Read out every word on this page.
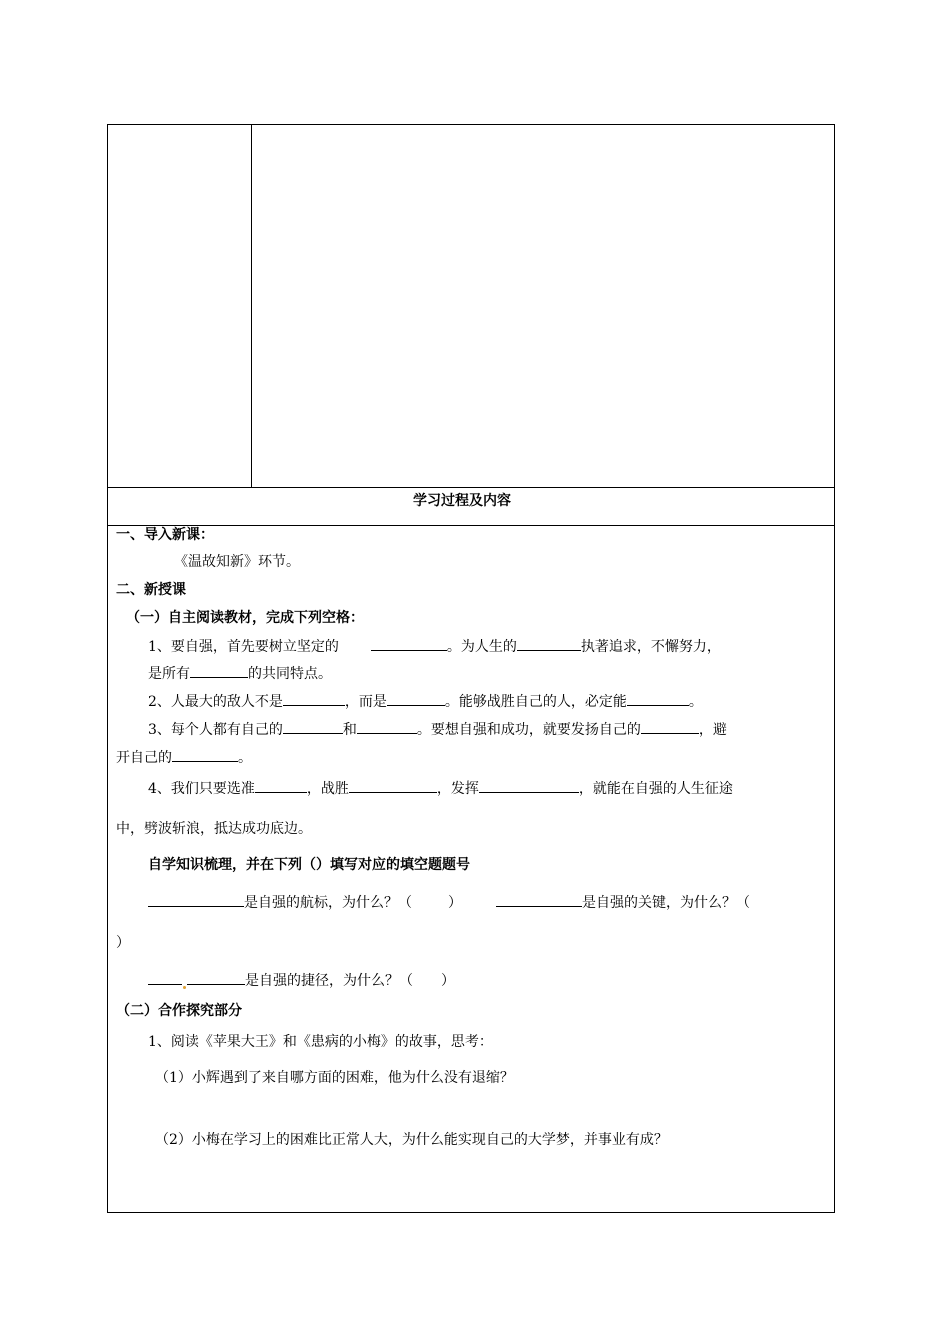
学习过程及内容
一、导入新课：
《温故知新》环节。
二、新授课
（一）自主阅读教材，完成下列空格：
1、要自强，首先要树立坚定的	。为人生的	执著追求，不懈努力，
是所有	的共同特点。
2、人最大的敌人不是	，而是	。能够战胜自己的人，必定能	。
3、每个人都有自己的	和	。要想自强和成功，就要发扬自己的	，避
开自己的	。
4、我们只要选准	，战胜	，发挥	，就能在自强的人生征途
中，劈波斩浪，抵达成功底边。
自学知识梳理，并在下列（）填写对应的填空题题号
是自强的航标，为什么？（	）	是自强的关键，为什么？（
）
是自强的捷径，为什么？（ ）
（二）合作探究部分
1、阅读《苹果大王》和《患病的小梅》的故事，思考：
（1）小辉遇到了来自哪方面的困难，他为什么没有退缩？
（2）小梅在学习上的困难比正常人大，为什么能实现自己的大学梦，并事业有成？
